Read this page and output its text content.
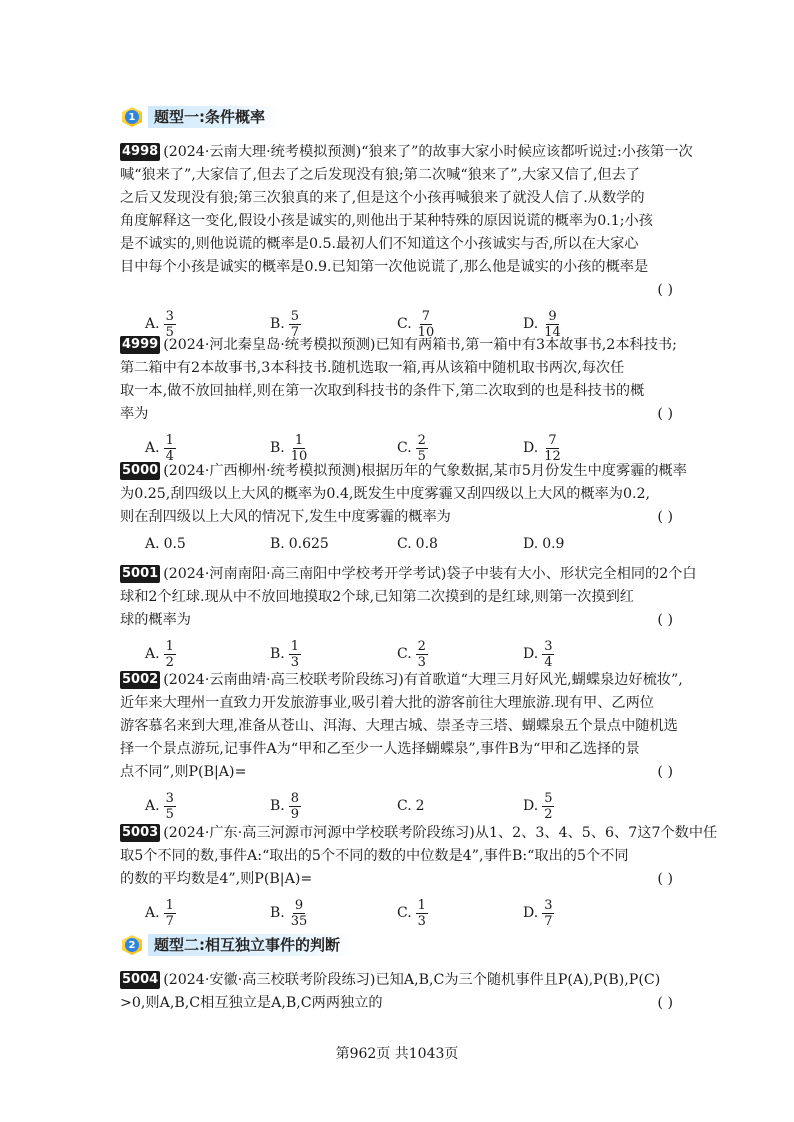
1	题型一:条件概率
4998 (2024·云南大理·统考模拟预测)“狼来了”的故事大家小时候应该都听说过:小孩第一次
喊“狼来了”,大家信了,但去了之后发现没有狼;第二次喊“狼来了”,大家又信了,但去了
之后又发现没有狼;第三次狼真的来了,但是这个小孩再喊狼来了就没人信了.从数学的
角度解释这一变化,假设小孩是诚实的,则他出于某种特殊的原因说谎的概率为0.1;小孩
是不诚实的,则他说谎的概率是0.5.最初人们不知道这个小孩诚实与否,所以在大家心
目中每个小孩是诚实的概率是0.9.已知第一次他说谎了,那么他是诚实的小孩的概率是
( )
A. $\frac{3}{5}$	B. $\frac{5}{7}$	C. $\frac{7}{10}$	D. $\frac{9}{14}$
4999 (2024·河北秦皇岛·统考模拟预测)已知有两箱书,第一箱中有3本故事书,2本科技书;
第二箱中有2本故事书,3本科技书.随机选取一箱,再从该箱中随机取书两次,每次任
取一本,做不放回抽样,则在第一次取到科技书的条件下,第二次取到的也是科技书的概
率为	( )
A. $\frac{1}{4}$	B. $\frac{1}{10}$	C. $\frac{2}{5}$	D. $\frac{7}{12}$
5000 (2024·广西柳州·统考模拟预测)根据历年的气象数据,某市5月份发生中度雾霾的概率
为0.25,刮四级以上大风的概率为0.4,既发生中度雾霾又刮四级以上大风的概率为0.2,
则在刮四级以上大风的情况下,发生中度雾霾的概率为	( )
A. 0.5	B. 0.625	C. 0.8	D. 0.9
5001 (2024·河南南阳·高三南阳中学校考开学考试)袋子中装有大小、形状完全相同的2个白
球和2个红球.现从中不放回地摸取2个球,已知第二次摸到的是红球,则第一次摸到红
球的概率为	( )
A. $\frac{1}{2}$	B. $\frac{1}{3}$	C. $\frac{2}{3}$	D. $\frac{3}{4}$
5002 (2024·云南曲靖·高三校联考阶段练习)有首歌道“大理三月好风光,蝴蝶泉边好梳妆”,
近年来大理州一直致力开发旅游事业,吸引着大批的游客前往大理旅游.现有甲、乙两位
游客慕名来到大理,准备从苍山、洱海、大理古城、崇圣寺三塔、蝴蝶泉五个景点中随机选
择一个景点游玩,记事件A为“甲和乙至少一人选择蝴蝶泉”,事件B为“甲和乙选择的景
点不同”,则P(B|A)=	( )
A. $\frac{3}{5}$	B. $\frac{8}{9}$	C. 2	D. $\frac{5}{2}$
5003 (2024·广东·高三河源市河源中学校联考阶段练习)从1、2、3、4、5、6、7这7个数中任
取5个不同的数,事件A:“取出的5个不同的数的中位数是4”,事件B:“取出的5个不同
的数的平均数是4”,则P(B|A)=	( )
A. $\frac{1}{7}$	B. $\frac{9}{35}$	C. $\frac{1}{3}$	D. $\frac{3}{7}$
2	题型二:相互独立事件的判断
5004 (2024·安徽·高三校联考阶段练习)已知A,B,C为三个随机事件且P(A),P(B),P(C)
>0,则A,B,C相互独立是A,B,C两两独立的	( )
第962页 共1043页
